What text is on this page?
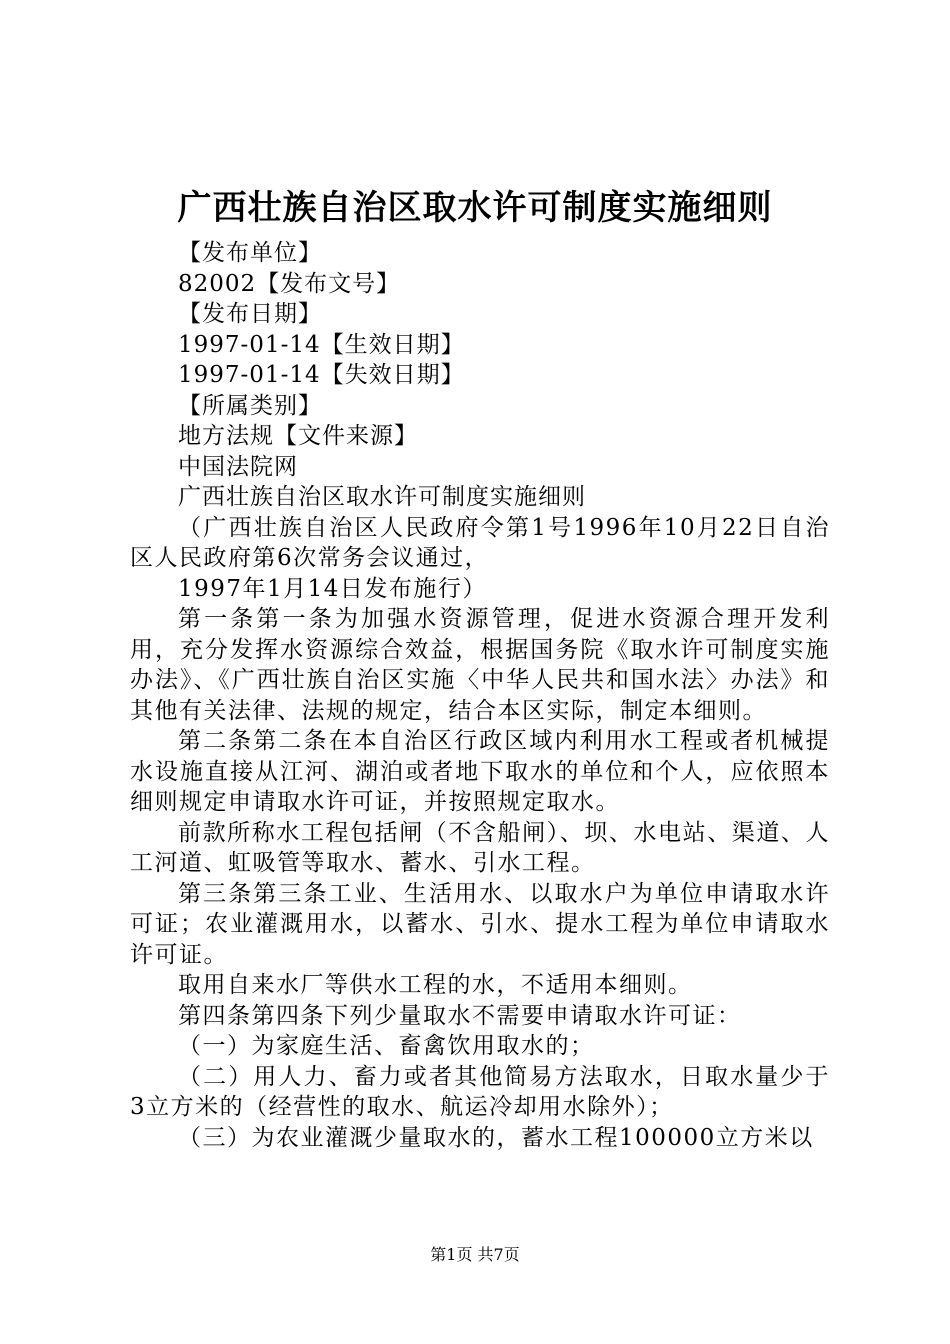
广西壮族自治区取水许可制度实施细则

【发布单位】

82002【发布文号】

【发布日期】

1997-01-14【生效日期】

1997-01-14【失效日期】

【所属类别】

地方法规【文件来源】

中国法院网

广西壮族自治区取水许可制度实施细则

（广西壮族自治区人民政府令第1号1996年10月22日自治区人民政府第6次常务会议通过，

1997年1月14日发布施行）

第一条第一条为加强水资源管理，促进水资源合理开发利用，充分发挥水资源综合效益，根据国务院《取水许可制度实施办法》、《广西壮族自治区实施〈中华人民共和国水法〉办法》和其他有关法律、法规的规定，结合本区实际，制定本细则。

第二条第二条在本自治区行政区域内利用水工程或者机械提水设施直接从江河、湖泊或者地下取水的单位和个人，应依照本细则规定申请取水许可证，并按照规定取水。

前款所称水工程包括闸（不含船闸）、坝、水电站、渠道、人工河道、虹吸管等取水、蓄水、引水工程。

第三条第三条工业、生活用水、以取水户为单位申请取水许可证；农业灌溉用水，以蓄水、引水、提水工程为单位申请取水许可证。

取用自来水厂等供水工程的水，不适用本细则。

第四条第四条下列少量取水不需要申请取水许可证：

（一）为家庭生活、畜禽饮用取水的；

（二）用人力、畜力或者其他简易方法取水，日取水量少于3立方米的（经营性的取水、航运冷却用水除外）；

（三）为农业灌溉少量取水的，蓄水工程100000立方米以

第1页 共7页
